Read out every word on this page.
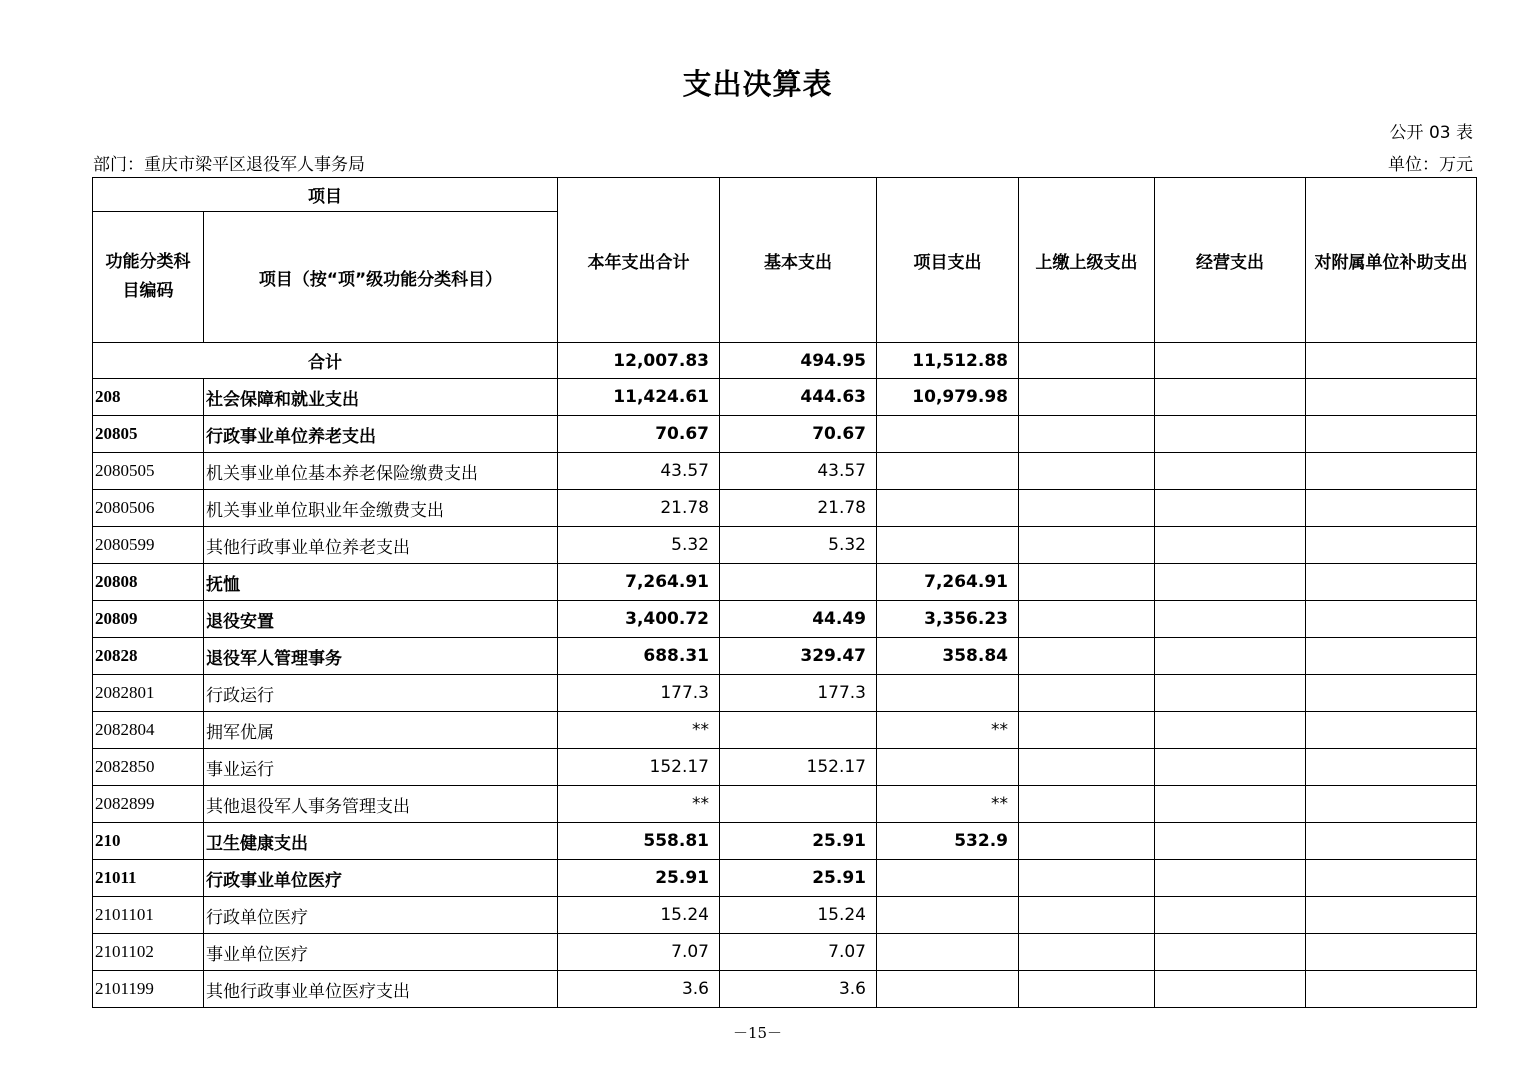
支出决算表
公开 03 表
部门：重庆市梁平区退役军人事务局	单位：万元
项目		本年支出合计	基本支出	项目支出	上缴上级支出	经营支出	对附属单位补助支出
功能分类科目编码	项目（按“项”级功能分类科目）						
合计		12,007.83	494.95	11,512.88			
208	社会保障和就业支出	11,424.61	444.63	10,979.98			
20805	行政事业单位养老支出	70.67	70.67				
2080505	机关事业单位基本养老保险缴费支出	43.57	43.57				
2080506	机关事业单位职业年金缴费支出	21.78	21.78				
2080599	其他行政事业单位养老支出	5.32	5.32				
20808	抚恤	7,264.91		7,264.91			
20809	退役安置	3,400.72	44.49	3,356.23			
20828	退役军人管理事务	688.31	329.47	358.84			
2082801	行政运行	177.3	177.3				
2082804	拥军优属	**		**			
2082850	事业运行	152.17	152.17				
2082899	其他退役军人事务管理支出	**		**			
210	卫生健康支出	558.81	25.91	532.9			
21011	行政事业单位医疗	25.91	25.91				
2101101	行政单位医疗	15.24	15.24				
2101102	事业单位医疗	7.07	7.07				
2101199	其他行政事业单位医疗支出	3.6	3.6				
－15－
